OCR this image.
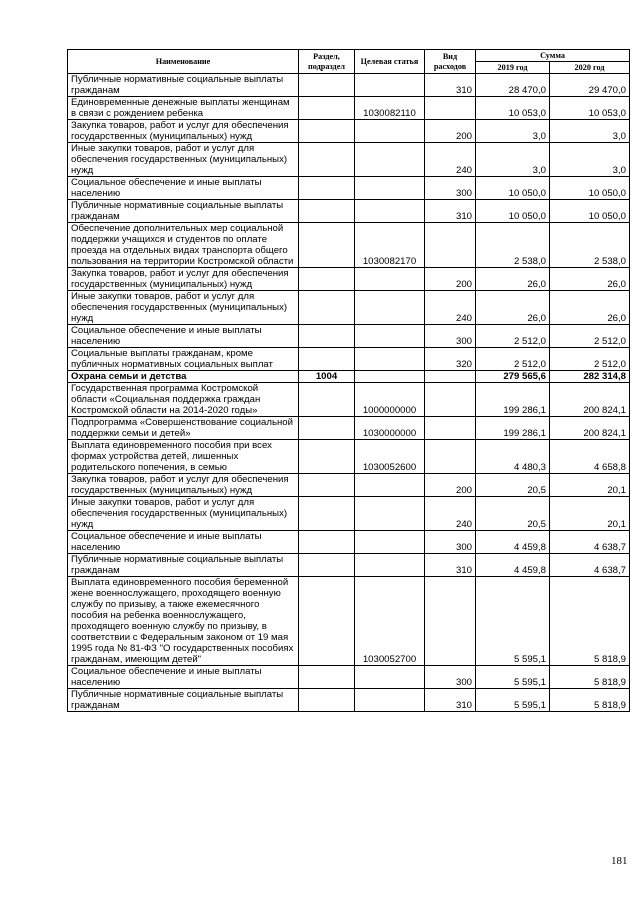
Наименование	Раздел, подраздел	Целевая статья	Вид расходов	Сумма	
				2019 год	2020 год
Публичные нормативные социальные выплаты гражданам			310	28 470,0	29 470,0
Единовременные денежные выплаты женщинам в связи с рождением ребенка		1030082110		10 053,0	10 053,0
Закупка товаров, работ и услуг для обеспечения государственных (муниципальных) нужд			200	3,0	3,0
Иные закупки товаров, работ и услуг для обеспечения государственных (муниципальных) нужд			240	3,0	3,0
Социальное обеспечение и иные выплаты населению			300	10 050,0	10 050,0
Публичные нормативные социальные выплаты гражданам			310	10 050,0	10 050,0
Обеспечение дополнительных мер социальной поддержки учащихся и студентов по оплате проезда на отдельных видах транспорта общего пользования на территории Костромской области		1030082170		2 538,0	2 538,0
Закупка товаров, работ и услуг для обеспечения государственных (муниципальных) нужд			200	26,0	26,0
Иные закупки товаров, работ и услуг для обеспечения государственных (муниципальных) нужд			240	26,0	26,0
Социальное обеспечение и иные выплаты населению			300	2 512,0	2 512,0
Социальные выплаты гражданам, кроме публичных нормативных социальных выплат			320	2 512,0	2 512,0
Охрана семьи и детства	1004			279 565,6	282 314,8
Государственная программа Костромской области «Социальная поддержка граждан Костромской области на 2014-2020 годы»		1000000000		199 286,1	200 824,1
Подпрограмма «Совершенствование социальной поддержки семьи и детей»		1030000000		199 286,1	200 824,1
Выплата единовременного пособия при всех формах устройства детей, лишенных родительского попечения, в семью		1030052600		4 480,3	4 658,8
Закупка товаров, работ и услуг для обеспечения государственных (муниципальных) нужд			200	20,5	20,1
Иные закупки товаров, работ и услуг для обеспечения государственных (муниципальных) нужд			240	20,5	20,1
Социальное обеспечение и иные выплаты населению			300	4 459,8	4 638,7
Публичные нормативные социальные выплаты гражданам			310	4 459,8	4 638,7
Выплата единовременного пособия беременной жене военнослужащего, проходящего военную службу по призыву, а также ежемесячного пособия на ребенка военнослужащего, проходящего военную службу по призыву, в соответствии с Федеральным законом от 19 мая 1995 года № 81-ФЗ "О государственных пособиях гражданам, имеющим детей"		1030052700		5 595,1	5 818,9
Социальное обеспечение и иные выплаты населению			300	5 595,1	5 818,9
Публичные нормативные социальные выплаты гражданам			310	5 595,1	5 818,9
181
